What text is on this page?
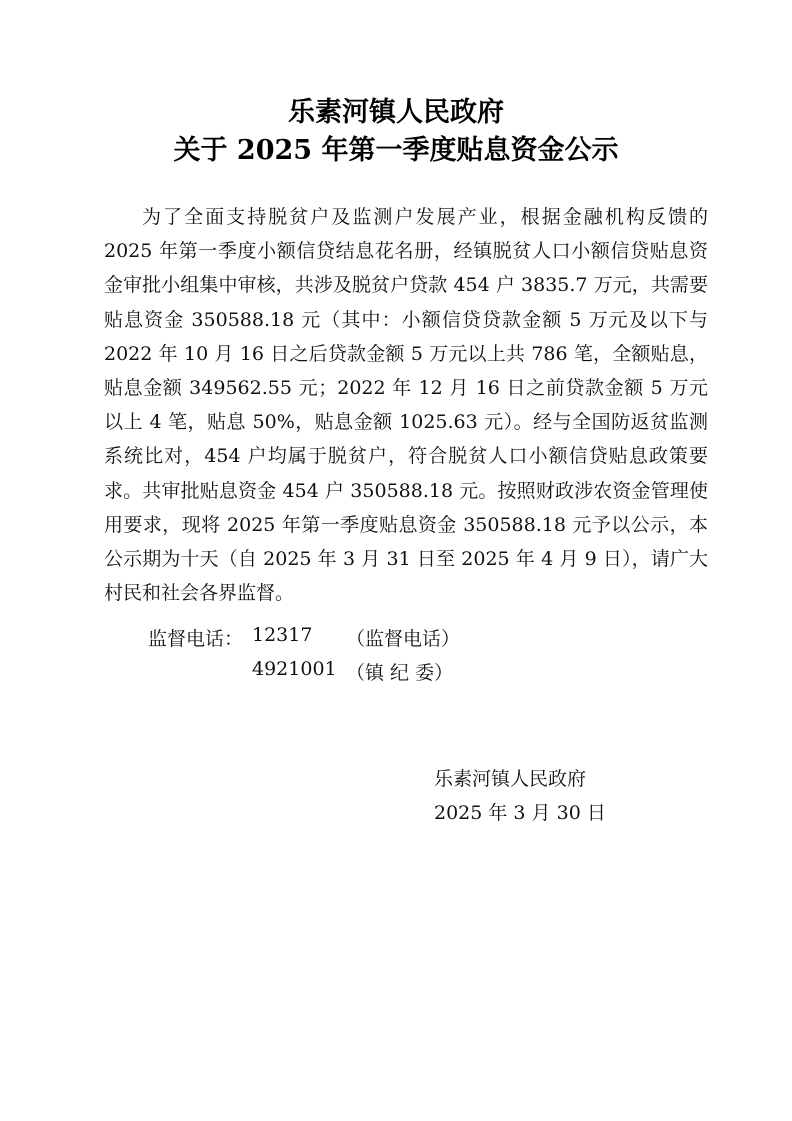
乐素河镇人民政府
关于 2025 年第一季度贴息资金公示

为了全面支持脱贫户及监测户发展产业，根据金融机构反馈的 2025 年第一季度小额信贷结息花名册，经镇脱贫人口小额信贷贴息资金审批小组集中审核，共涉及脱贫户贷款 454 户 3835.7 万元，共需要贴息资金 350588.18 元（其中：小额信贷贷款金额 5 万元及以下与 2022 年 10 月 16 日之后贷款金额 5 万元以上共 786 笔，全额贴息，贴息金额 349562.55 元；2022 年 12 月 16 日之前贷款金额 5 万元以上 4 笔，贴息 50%，贴息金额 1025.63 元）。经与全国防返贫监测系统比对，454 户均属于脱贫户，符合脱贫人口小额信贷贴息政策要求。共审批贴息资金 454 户 350588.18 元。按照财政涉农资金管理使用要求，现将 2025 年第一季度贴息资金 350588.18 元予以公示，本公示期为十天（自 2025 年 3 月 31 日至 2025 年 4 月 9 日），请广大村民和社会各界监督。

监督电话： 12317 （监督电话）
4921001 （镇 纪 委）
乐素河镇人民政府
2025 年 3 月 30 日
